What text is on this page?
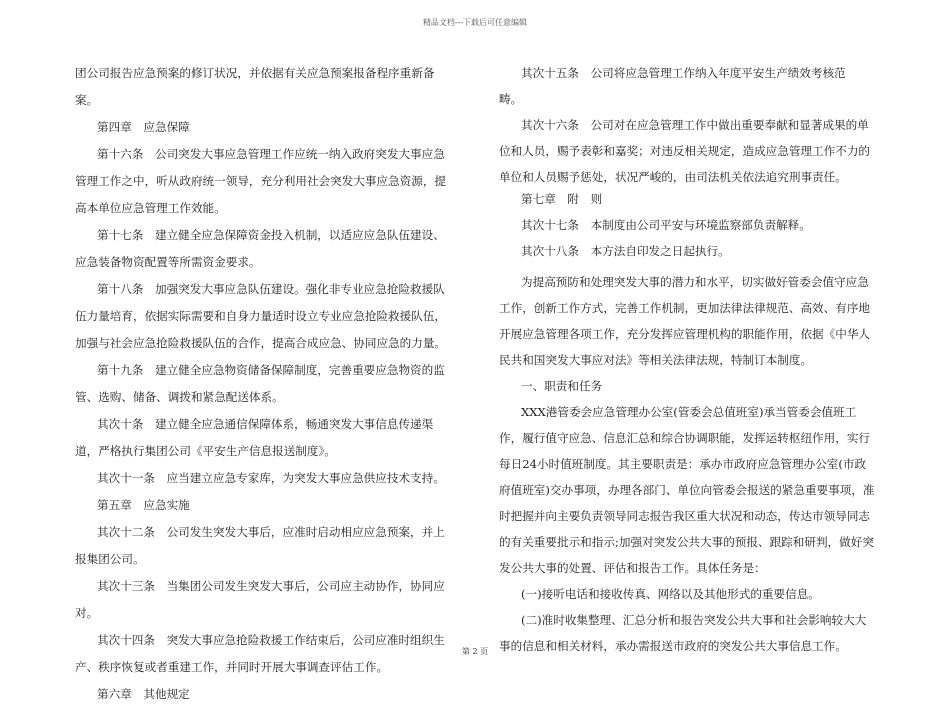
精品文档---下载后可任意编辑

团公司报告应急预案的修订状况，并依据有关应急预案报备程序重新备案。

第四章　应急保障

第十六条　公司突发大事应急管理工作应统一纳入政府突发大事应急管理工作之中，听从政府统一领导，充分利用社会突发大事应急资源，提高本单位应急管理工作效能。

第十七条　建立健全应急保障资金投入机制，以适应应急队伍建设、应急装备物资配置等所需资金要求。

第十八条　加强突发大事应急队伍建设。强化非专业应急抢险救援队伍力量培育，依据实际需要和自身力量适时设立专业应急抢险救援队伍，加强与社会应急抢险救援队伍的合作，提高合成应急、协同应急的力量。

第十九条　建立健全应急物资储备保障制度，完善重要应急物资的监管、选购、储备、调拨和紧急配送体系。

其次十条　建立健全应急通信保障体系，畅通突发大事信息传递渠道，严格执行集团公司《平安生产信息报送制度》。

其次十一条　应当建立应急专家库，为突发大事应急供应技术支持。

第五章　应急实施

其次十二条　公司发生突发大事后，应准时启动相应应急预案，并上报集团公司。

其次十三条　当集团公司发生突发大事后，公司应主动协作，协同应对。

其次十四条　突发大事应急抢险救援工作结束后，公司应准时组织生产、秩序恢复或者重建工作，并同时开展大事调查评估工作。

第六章　其他规定

其次十五条　公司将应急管理工作纳入年度平安生产绩效考核范畴。

其次十六条　公司对在应急管理工作中做出重要奉献和显著成果的单位和人员，赐予表彰和嘉奖；对违反相关规定，造成应急管理工作不力的单位和人员赐予惩处，状况严峻的，由司法机关依法追究刑事责任。

第七章　附　则

其次十七条　本制度由公司平安与环境监察部负责解释。

其次十八条　本方法自印发之日起执行。

为提高预防和处理突发大事的潜力和水平，切实做好管委会值守应急工作，创新工作方式，完善工作机制，更加法律法律规范、高效、有序地开展应急管理各项工作，充分发挥应管理机构的职能作用，依据《中华人民共和国突发大事应对法》等相关法律法规，特制订本制度。

一、职责和任务

XXX港管委会应急管理办公室(管委会总值班室)承当管委会值班工作，履行值守应急、信息汇总和综合协调职能，发挥运转枢纽作用，实行每日24小时值班制度。其主要职责是：承办市政府应急管理办公室(市政府值班室)交办事项，办理各部门、单位向管委会报送的紧急重要事项，准时把握并向主要负责领导同志报告我区重大状况和动态，传达市领导同志的有关重要批示和指示;加强对突发公共大事的预报、跟踪和研判，做好突发公共大事的处置、评估和报告工作。具体任务是：

(一)接听电话和接收传真、网络以及其他形式的重要信息。

(二)准时收集整理、汇总分析和报告突发公共大事和社会影响较大大事的信息和相关材料，承办需报送市政府的突发公共大事信息工作。

第 2 页
